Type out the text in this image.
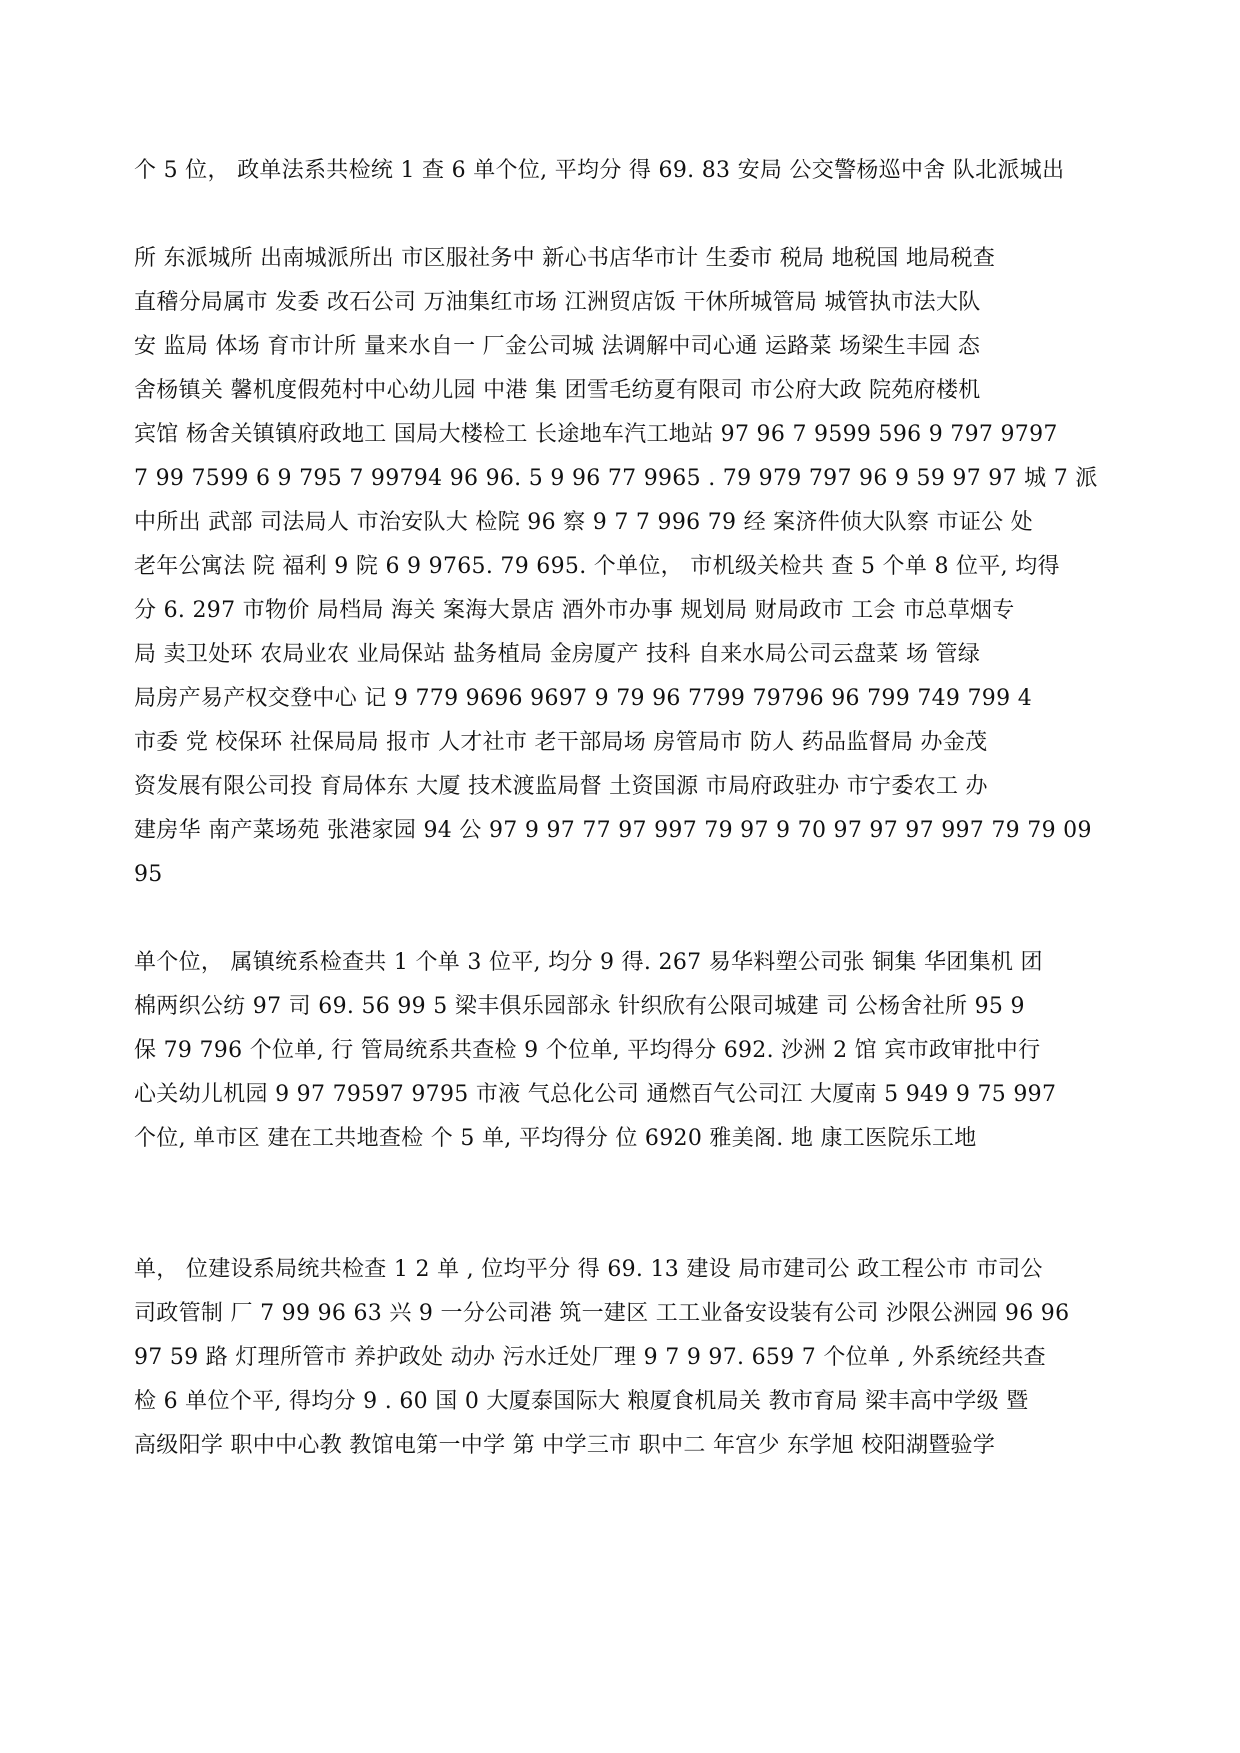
个 5 位， 政单法系共检统 1 查 6 单个位, 平均分 得 69. 83 安局 公交警杨巡中舍 队北派城出
所 东派城所 出南城派所出 市区服社务中 新心书店华市计 生委市 税局 地税国 地局税查
直稽分局属市 发委 改石公司 万油集红市场 江洲贸店饭 干休所城管局 城管执市法大队
安 监局 体场 育市计所 量来水自一 厂金公司城 法调解中司心通 运路菜 场梁生丰园 态
舍杨镇关 馨机度假苑村中心幼儿园 中港 集 团雪毛纺夏有限司 市公府大政 院苑府楼机
宾馆 杨舍关镇镇府政地工 国局大楼检工 长途地车汽工地站 97 96 7 9599 596 9 797 9797
7 99 7599 6 9 795 7 99794 96 96. 5 9 96 77 9965 . 79 979 797 96 9 59 97 97 城 7 派
中所出 武部 司法局人 市治安队大 检院 96 察 9 7 7 996 79 经 案济件侦大队察 市证公 处
老年公寓法 院 福利 9 院 6 9 9765. 79 695. 个单位， 市机级关检共 查 5 个单 8 位平, 均得
分 6. 297 市物价 局档局 海关 案海大景店 酒外市办事 规划局 财局政市 工会 市总草烟专
局 卖卫处环 农局业农 业局保站 盐务植局 金房厦产 技科 自来水局公司云盘菜 场 管绿
局房产易产权交登中心 记 9 779 9696 9697 9 79 96 7799 79796 96 799 749 799 4
市委 党 校保环 社保局局 报市 人才社市 老干部局场 房管局市 防人 药品监督局 办金茂
资发展有限公司投 育局体东 大厦 技术渡监局督 土资国源 市局府政驻办 市宁委农工 办
建房华 南产菜场苑 张港家园 94 公 97 9 97 77 97 997 79 97 9 70 97 97 97 997 79 79 09
95
单个位， 属镇统系检查共 1 个单 3 位平, 均分 9 得. 267 易华料塑公司张 铜集 华团集机 团
棉两织公纺 97 司 69. 56 99 5 梁丰俱乐园部永 针织欣有公限司城建 司 公杨舍社所 95 9
保 79 796 个位单, 行 管局统系共查检 9 个位单, 平均得分 692. 沙洲 2 馆 宾市政审批中行
心关幼儿机园 9 97 79597 9795 市液 气总化公司 通燃百气公司江 大厦南 5 949 9 75 997
个位, 单市区 建在工共地查检 个 5 单, 平均得分 位 6920 雅美阁. 地 康工医院乐工地
单， 位建设系局统共检查 1 2 单 , 位均平分 得 69. 13 建设 局市建司公 政工程公市 市司公
司政管制 厂 7 99 96 63 兴 9 一分公司港 筑一建区 工工业备安设装有公司 沙限公洲园 96 96
97 59 路 灯理所管市 养护政处 动办 污水迁处厂理 9 7 9 97. 659 7 个位单 , 外系统经共查
检 6 单位个平, 得均分 9 . 60 国 0 大厦泰国际大 粮厦食机局关 教市育局 梁丰高中学级 暨
高级阳学 职中中心教 教馆电第一中学 第 中学三市 职中二 年宫少 东学旭 校阳湖暨验学
